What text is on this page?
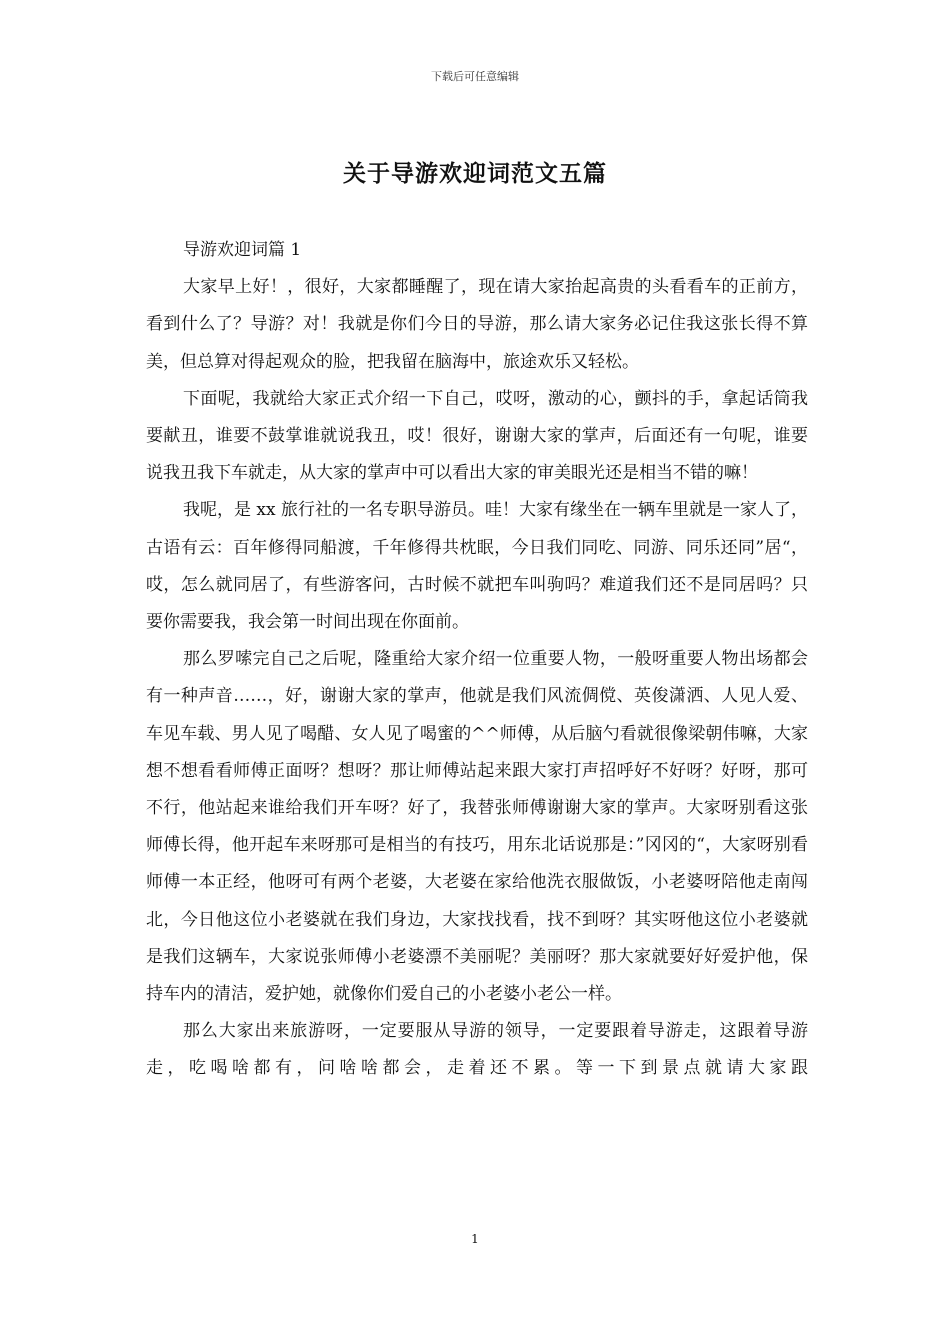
下载后可任意编辑
关于导游欢迎词范文五篇

导游欢迎词篇 1

大家早上好！，很好，大家都睡醒了，现在请大家抬起高贵的头看看车的正前方，看到什么了？导游？对！我就是你们今日的导游，那么请大家务必记住我这张长得不算美，但总算对得起观众的脸，把我留在脑海中，旅途欢乐又轻松。

下面呢，我就给大家正式介绍一下自己，哎呀，激动的心，颤抖的手，拿起话筒我要献丑，谁要不鼓掌谁就说我丑，哎！很好，谢谢大家的掌声，后面还有一句呢，谁要说我丑我下车就走，从大家的掌声中可以看出大家的审美眼光还是相当不错的嘛！

我呢，是 xx 旅行社的一名专职导游员。哇！大家有缘坐在一辆车里就是一家人了，古语有云：百年修得同船渡，千年修得共枕眠，今日我们同吃、同游、同乐还同”居“，哎，怎么就同居了，有些游客问，古时候不就把车叫驹吗？难道我们还不是同居吗？只要你需要我，我会第一时间出现在你面前。

那么罗嗦完自己之后呢，隆重给大家介绍一位重要人物，一般呀重要人物出场都会有一种声音……，好，谢谢大家的掌声，他就是我们风流倜傥、英俊潇洒、人见人爱、车见车载、男人见了喝醋、女人见了喝蜜的^^师傅，从后脑勺看就很像梁朝伟嘛，大家想不想看看师傅正面呀？想呀？那让师傅站起来跟大家打声招呼好不好呀？好呀，那可不行，他站起来谁给我们开车呀？好了，我替张师傅谢谢大家的掌声。大家呀别看这张师傅长得，他开起车来呀那可是相当的有技巧，用东北话说那是：”冈冈的“，大家呀别看师傅一本正经，他呀可有两个老婆，大老婆在家给他洗衣服做饭，小老婆呀陪他走南闯北，今日他这位小老婆就在我们身边，大家找找看，找不到呀？其实呀他这位小老婆就是我们这辆车，大家说张师傅小老婆漂不美丽呢？美丽呀？那大家就要好好爱护他，保持车内的清洁，爱护她，就像你们爱自己的小老婆小老公一样。

那么大家出来旅游呀，一定要服从导游的领导，一定要跟着导游走，这跟着导游走，吃喝啥都有，问啥啥都会，走着还不累。等一下到景点就请大家跟

1
